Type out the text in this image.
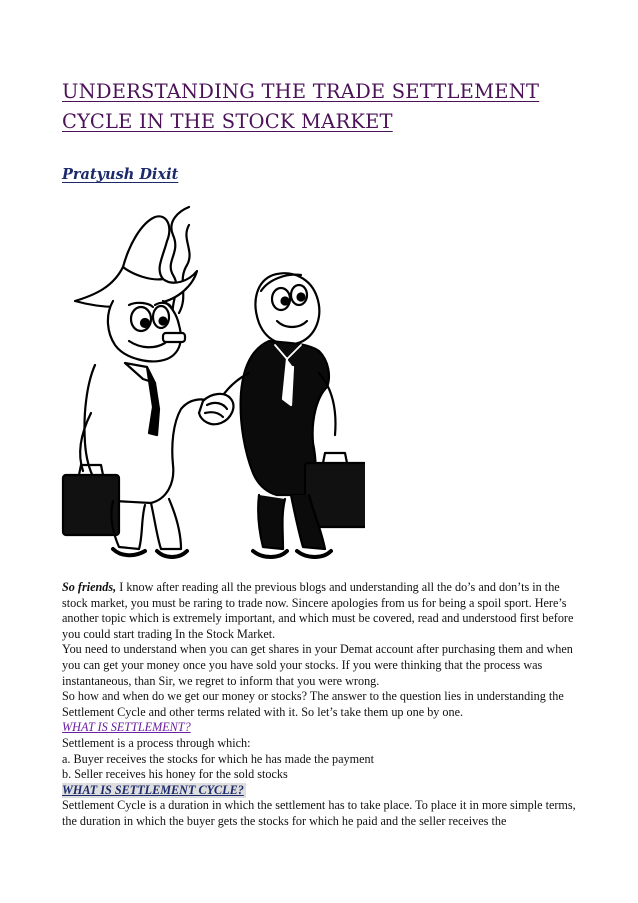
UNDERSTANDING THE TRADE SETTLEMENT
CYCLE IN THE STOCK MARKET
Pratyush Dixit

So friends, I know after reading all the previous blogs and understanding all the do’s and don’ts in the stock market, you must be raring to trade now. Sincere apologies from us for being a spoil sport. Here’s another topic which is extremely important, and which must be covered, read and understood first before you could start trading In the Stock Market.

You need to understand when you can get shares in your Demat account after purchasing them and when you can get your money once you have sold your stocks. If you were thinking that the process was instantaneous, than Sir, we regret to inform that you were wrong.

So how and when do we get our money or stocks? The answer to the question lies in understanding the Settlement Cycle and other terms related with it. So let’s take them up one by one.

WHAT IS SETTLEMENT?

Settlement is a process through which:

a. Buyer receives the stocks for which he has made the payment

b. Seller receives his honey for the sold stocks

WHAT IS SETTLEMENT CYCLE?

Settlement Cycle is a duration in which the settlement has to take place. To place it in more simple terms, the duration in which the buyer gets the stocks for which he paid and the seller receives the
